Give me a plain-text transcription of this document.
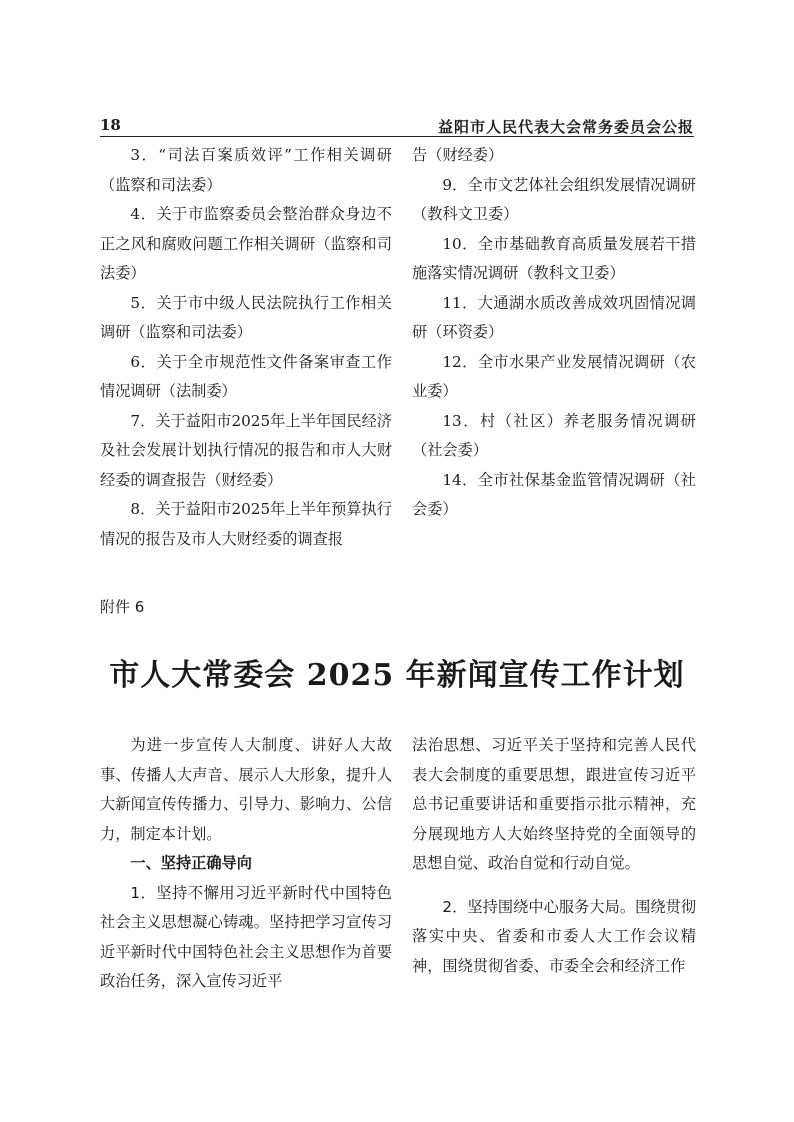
18	益阳市人民代表大会常务委员会公报

3．“司法百案质效评”工作相关调研（监察和司法委）

4．关于市监察委员会整治群众身边不正之风和腐败问题工作相关调研（监察和司法委）

5．关于市中级人民法院执行工作相关调研（监察和司法委）

6．关于全市规范性文件备案审查工作情况调研（法制委）

7．关于益阳市2025年上半年国民经济及社会发展计划执行情况的报告和市人大财经委的调查报告（财经委）

8．关于益阳市2025年上半年预算执行情况的报告及市人大财经委的调查报

告（财经委）

9．全市文艺体社会组织发展情况调研（教科文卫委）

10．全市基础教育高质量发展若干措施落实情况调研（教科文卫委）

11．大通湖水质改善成效巩固情况调研（环资委）

12．全市水果产业发展情况调研（农业委）

13．村（社区）养老服务情况调研（社会委）

14．全市社保基金监管情况调研（社会委）

附件 6
市人大常委会 2025 年新闻宣传工作计划

为进一步宣传人大制度、讲好人大故事、传播人大声音、展示人大形象，提升人大新闻宣传传播力、引导力、影响力、公信力，制定本计划。

一、坚持正确导向

1．坚持不懈用习近平新时代中国特色社会主义思想凝心铸魂。坚持把学习宣传习近平新时代中国特色社会主义思想作为首要政治任务，深入宣传习近平

法治思想、习近平关于坚持和完善人民代表大会制度的重要思想，跟进宣传习近平总书记重要讲话和重要指示批示精神，充分展现地方人大始终坚持党的全面领导的思想自觉、政治自觉和行动自觉。

2．坚持围绕中心服务大局。围绕贯彻落实中央、省委和市委人大工作会议精神，围绕贯彻省委、市委全会和经济工作
